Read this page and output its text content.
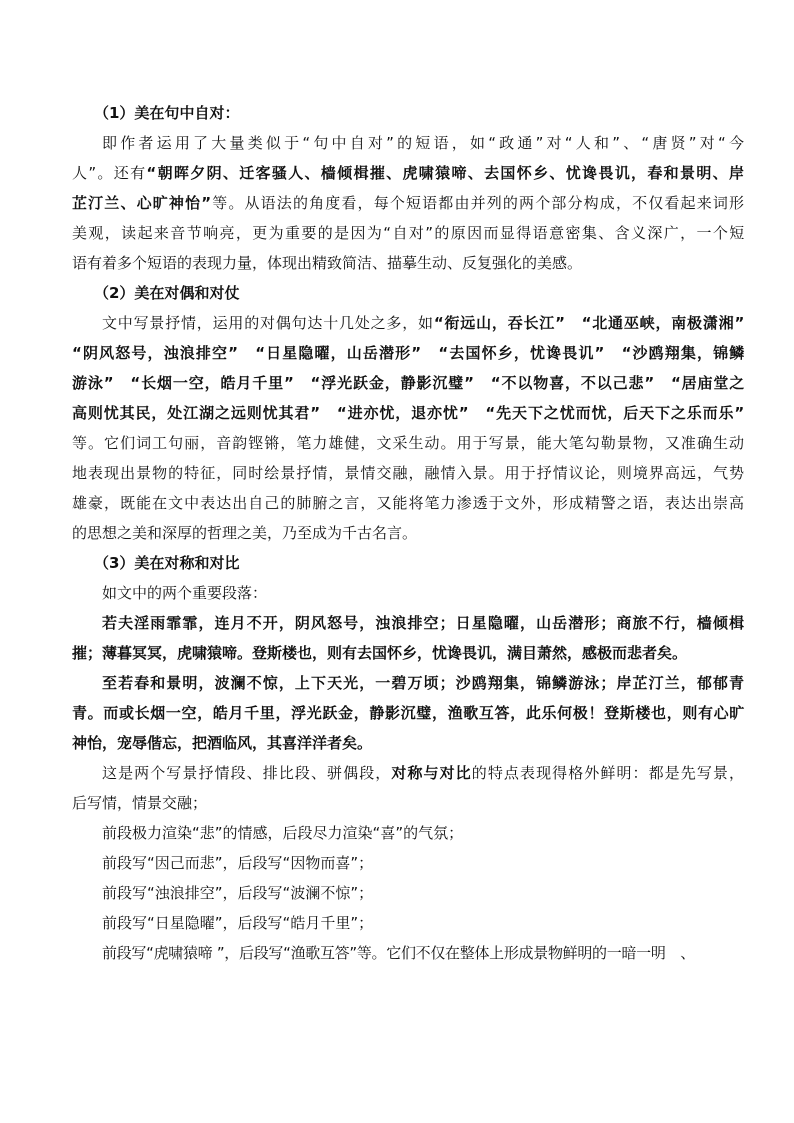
（1）美在句中自对：
即作者运用了大量类似于“句中自对”的短语，如“政通”对“人和”、“唐贤”对“今
人”。还有“朝晖夕阴、迁客骚人、樯倾楫摧、虎啸猿啼、去国怀乡、忧谗畏讥，春和景明、岸
芷汀兰、心旷神怡”等。从语法的角度看，每个短语都由并列的两个部分构成，不仅看起来词形
美观，读起来音节响亮，更为重要的是因为“自对”的原因而显得语意密集、含义深广，一个短
语有着多个短语的表现力量，体现出精致简洁、描摹生动、反复强化的美感。
（2）美在对偶和对仗
文中写景抒情，运用的对偶句达十几处之多，如“衔远山，吞长江”　“北通巫峡，南极潇湘”
“阴风怒号，浊浪排空”　“日星隐曜，山岳潜形”　“去国怀乡，忧谗畏讥”　“沙鸥翔集，锦鳞
游泳”　“长烟一空，皓月千里”　“浮光跃金，静影沉璧”　“不以物喜，不以己悲”　“居庙堂之
高则忧其民，处江湖之远则忧其君”　“进亦忧，退亦忧”　“先天下之忧而忧，后天下之乐而乐”
等。它们词工句丽，音韵铿锵，笔力雄健，文采生动。用于写景，能大笔勾勒景物，又准确生动
地表现出景物的特征，同时绘景抒情，景情交融，融情入景。用于抒情议论，则境界高远，气势
雄豪，既能在文中表达出自己的肺腑之言，又能将笔力渗透于文外，形成精警之语，表达出崇高
的思想之美和深厚的哲理之美，乃至成为千古名言。
（3）美在对称和对比
如文中的两个重要段落：
若夫淫雨霏霏，连月不开，阴风怒号，浊浪排空；日星隐曜，山岳潜形；商旅不行，樯倾楫
摧；薄暮冥冥，虎啸猿啼。登斯楼也，则有去国怀乡，忧谗畏讥，满目萧然，感极而悲者矣。
至若春和景明，波澜不惊，上下天光，一碧万顷；沙鸥翔集，锦鳞游泳；岸芷汀兰，郁郁青
青。而或长烟一空，皓月千里，浮光跃金，静影沉璧，渔歌互答，此乐何极！登斯楼也，则有心旷
神怡，宠辱偕忘，把酒临风，其喜洋洋者矣。
这是两个写景抒情段、排比段、骈偶段，对称与对比的特点表现得格外鲜明：都是先写景，
后写情，情景交融；
前段极力渲染“悲”的情感，后段尽力渲染“喜”的气氛；
前段写“因己而悲”，后段写“因物而喜”；
前段写“浊浪排空”，后段写“波澜不惊”；
前段写“日星隐曜”，后段写“皓月千里”；
前段写“虎啸猿啼 ”，后段写“渔歌互答”等。它们不仅在整体上形成景物鲜明的一暗一明　、
